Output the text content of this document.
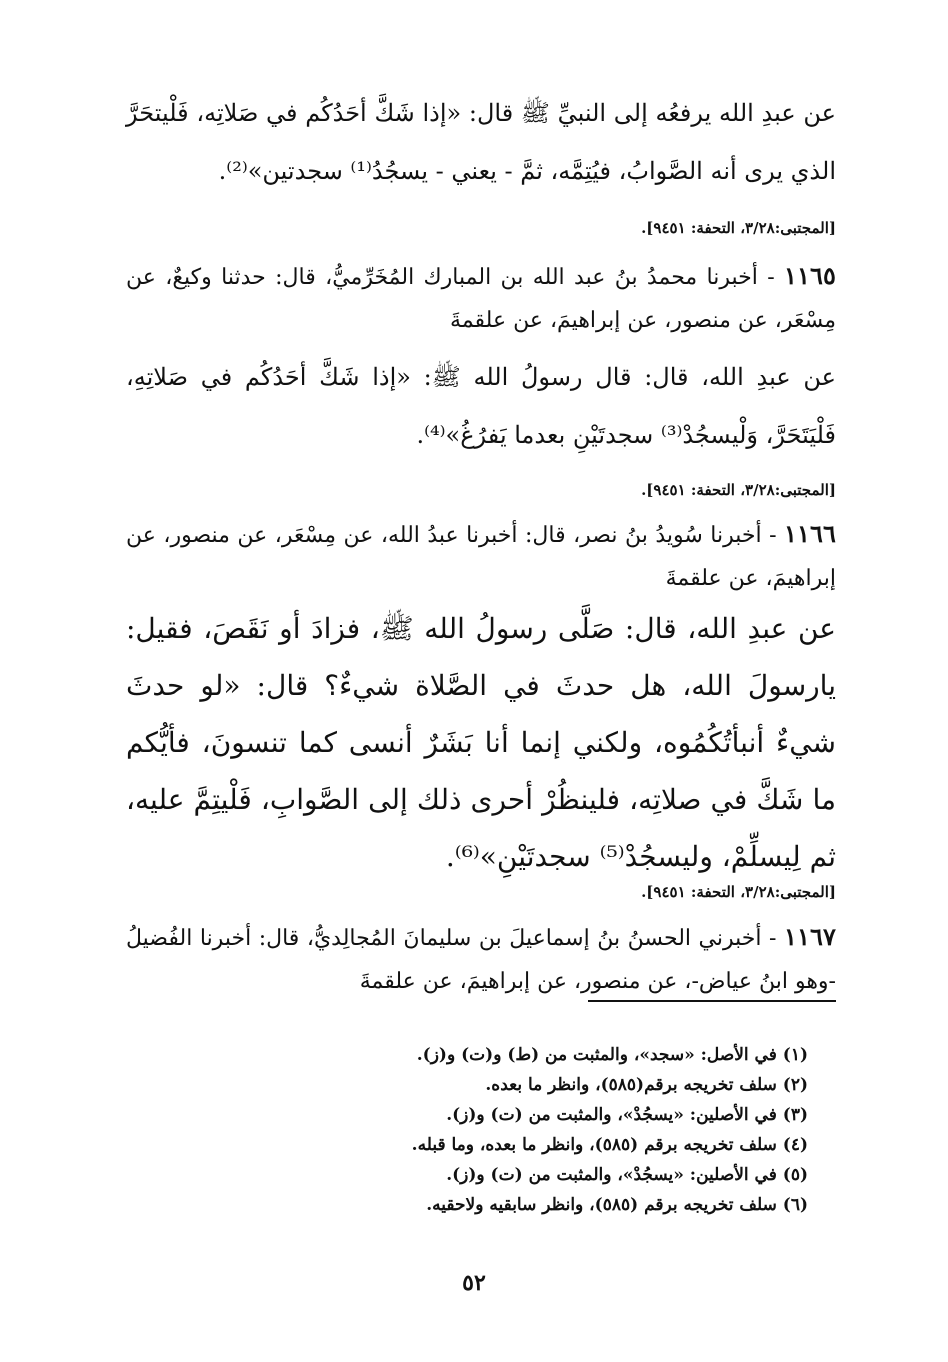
عن عبدِ الله يرفعُه إلى النبيِّ ﷺ قال: «إذا شَكَّ أحَدُكُم في صَلاتِه، فَلْيتحَرَّ الذي يرى أنه الصَّوابُ، فيُتِمَّه، ثمَّ - يعني - يسجُدُ⁽¹⁾ سجدتين»⁽²⁾.
[المجتبى:٣/٢٨، التحفة: ٩٤٥١].
١١٦٥ - أخبرنا محمدُ بنُ عبد الله بن المبارك المُخَرِّميُّ، قال: حدثنا وكيعٌ، عن مِسْعَر، عن منصور، عن إبراهيمَ، عن علقمةَ
عن عبدِ الله، قال: قال رسولُ الله ﷺ: «إذا شَكَّ أحَدُكُم في صَلاتِهِ، فَلْيَتَحَرَّ، وَلْيسجُدْ⁽³⁾ سجدتَيْنِ بعدما يَفرُغُ»⁽⁴⁾.
[المجتبى:٣/٢٨، التحفة: ٩٤٥١].
١١٦٦ - أخبرنا سُويدُ بنُ نصر، قال: أخبرنا عبدُ الله، عن مِسْعَر، عن منصور، عن إبراهيمَ، عن علقمةَ
عن عبدِ الله، قال: صَلَّى رسولُ الله ﷺ، فزادَ أو نَقَصَ، فقيل: يارسولَ الله، هل حدثَ في الصَّلاة شيءٌ؟ قال: «لو حدثَ شيءٌ أنبأتُكُمُوه، ولكني إنما أنا بَشَرٌ أنسى كما تنسونَ، فأيُّكم ما شَكَّ في صلاتِه، فلينظُرْ أحرى ذلك إلى الصَّوابِ، فَلْيتِمَّ عليه، ثم لِيسلِّمْ، وليسجُدْ⁽⁵⁾ سجدتَيْنِ»⁽⁶⁾.
[المجتبى:٣/٢٨، التحفة: ٩٤٥١].
١١٦٧ - أخبرني الحسنُ بنُ إسماعيلَ بن سليمانَ المُجالِديُّ، قال: أخبرنا الفُضيلُ -وهو ابنُ عياض-، عن منصور، عن إبراهيمَ، عن علقمةَ
(١) في الأصل: «سجد»، والمثبت من (ط) و(ت) و(ز).
(٢) سلف تخريجه برقم(٥٨٥)، وانظر ما بعده.
(٣) في الأصلين: «يسجُدْ»، والمثبت من (ت) و(ز).
(٤) سلف تخريجه برقم (٥٨٥)، وانظر ما بعده، وما قبله.
(٥) في الأصلين: «يسجُدْ»، والمثبت من (ت) و(ز).
(٦) سلف تخريجه برقم (٥٨٥)، وانظر سابقيه ولاحقيه.
٥٢
